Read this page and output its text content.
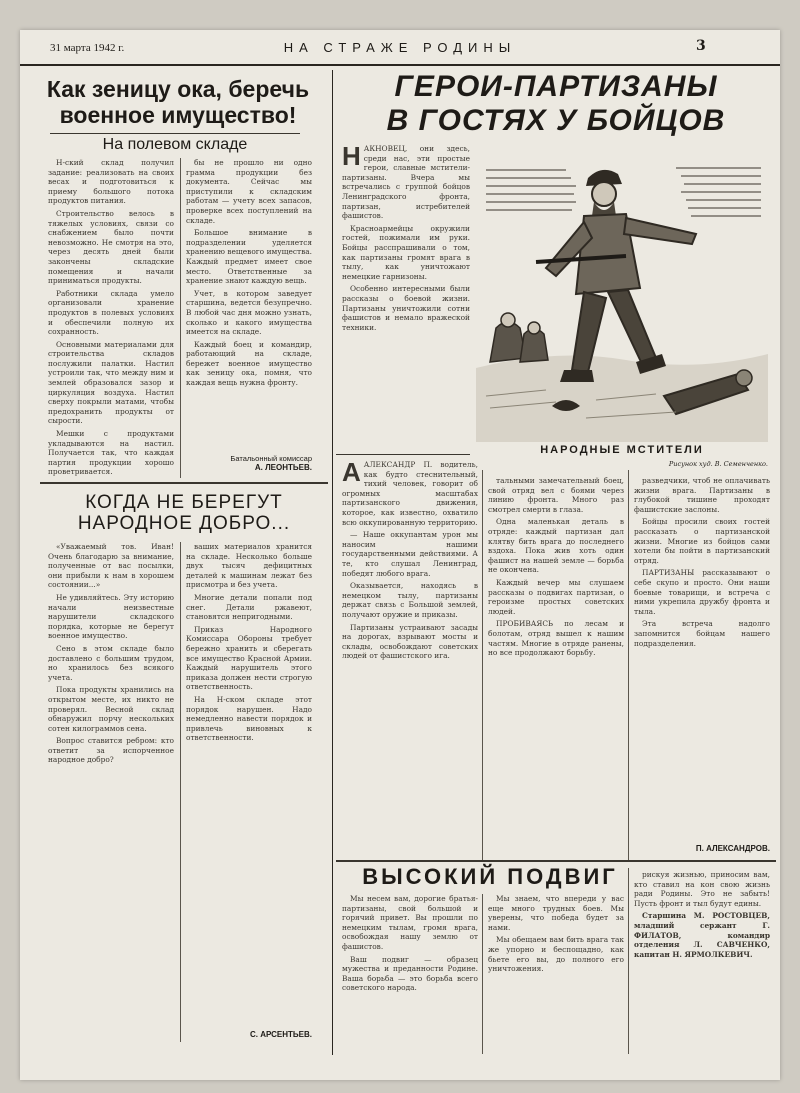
31 марта 1942 г.	НА СТРАЖЕ РОДИНЫ	3
Как зеницу ока, беречь
военное имущество!
На полевом складе

Н-ский склад получил задание: реализовать на своих весах и подготовиться к приему большого потока продуктов питания.

Строительство велось в тяжелых условиях, связи со снабжением было почти невозможно. Не смотря на это, через десять дней были закончены складские помещения и начали приниматься продукты.

Работники склада умело организовали хранение продуктов в полевых условиях и обеспечили полную их сохранность.

Основными материалами для строительства складов послужили палатки. Настил устроили так, что между ним и землей образовался зазор и циркуляция воздуха. Настил сверху покрыли матами, чтобы предохранить продукты от сырости.

Мешки с продуктами укладываются на настил. Получается так, что каждая партия продукции хорошо проветривается.

бы не прошло ни одно грамма продукции без документа. Сейчас мы приступили к складским работам — учету всех запасов, проверке всех поступлений на складе.

Большое внимание в подразделении уделяется хранению вещевого имущества. Каждый предмет имеет свое место. Ответственные за хранение знают каждую вещь.

Учет, в котором заведует старшина, ведется безупречно. В любой час дня можно узнать, сколько и какого имущества имеется на складе.

Каждый боец и командир, работающий на складе, бережет военное имущество как зеницу ока, помня, что каждая вещь нужна фронту.

Батальонный комиссар
А. ЛЕОНТЬЕВ.
КОГДА НЕ БЕРЕГУТ
НАРОДНОЕ ДОБРО...

«Уважаемый тов. Иван! Очень благодарю за внимание, полученные от вас посылки, они прибыли к нам в хорошем состоянии...»

Не удивляйтесь. Эту историю начали неизвестные нарушители складского порядка, которые не берегут военное имущество.

Сено в этом складе было доставлено с большим трудом, но хранилось без всякого учета.

Пока продукты хранились на открытом месте, их никто не проверял. Весной склад обнаружил порчу нескольких сотен килограммов сена.

Вопрос ставится ребром: кто ответит за испорченное народное добро?

ваших материалов хранится на складе. Несколько больше двух тысяч дефицитных деталей к машинам лежат без присмотра и без учета.

Многие детали попали под снег. Детали ржавеют, становятся непригодными.

Приказ Народного Комиссара Обороны требует бережно хранить и сберегать все имущество Красной Армии. Каждый нарушитель этого приказа должен нести строгую ответственность.

На Н-ском складе этот порядок нарушен. Надо немедленно навести порядок и привлечь виновных к ответственности.

С. АРСЕНТЬЕВ.
ГЕРОИ-ПАРТИЗАНЫ
В ГОСТЯХ У БОЙЦОВ

НАКНОВЕЦ, они здесь, среди нас, эти простые герои, славные мстители-партизаны. Вчера мы встречались с группой бойцов Ленинградского фронта, партизан, истребителей фашистов.

Красноармейцы окружили гостей, пожимали им руки. Бойцы расспрашивали о том, как партизаны громят врага в тылу, как уничтожают немецкие гарнизоны.

Особенно интересными были рассказы о боевой жизни. Партизаны уничтожили сотни фашистов и немало вражеской техники.

НАРОДНЫЕ МСТИТЕЛИ
Рисунок худ. В. Семенченко.

ААЛЕКСАНДР П. водитель, как будто стеснительный, тихий человек, говорит об огромных масштабах партизанского движения, которое, как известно, охватило всю оккупированную территорию.

— Наше оккупантам урон мы наносим нашими государственными действиями. А те, кто слушал Ленинград, победят любого врага.

Оказывается, находясь в немецком тылу, партизаны держат связь с Большой землей, получают оружие и приказы.

Партизаны устраивают засады на дорогах, взрывают мосты и склады, освобождают советских людей от фашистского ига.

тальными замечательный боец, свой отряд вел с боями через линию фронта. Много раз смотрел смерти в глаза.

Одна маленькая деталь в отряде: каждый партизан дал клятву бить врага до последнего вздоха. Пока жив хоть один фашист на нашей земле — борьба не окончена.

Каждый вечер мы слушаем рассказы о подвигах партизан, о героизме простых советских людей.

ПРОБИВАЯСЬ по лесам и болотам, отряд вышел к нашим частям. Многие в отряде ранены, но все продолжают борьбу.

разведчики, чтоб не оплачивать жизни врага. Партизаны в глубокой тишине проходят фашистские заслоны.

Бойцы просили своих гостей рассказать о партизанской жизни. Многие из бойцов сами хотели бы пойти в партизанский отряд.

ПАРТИЗАНЫ рассказывают о себе скупо и просто. Они наши боевые товарищи, и встреча с ними укрепила дружбу фронта и тыла.

Эта встреча надолго запомнится бойцам нашего подразделения.

П. АЛЕКСАНДРОВ.
ВЫСОКИЙ ПОДВИГ

Мы несем вам, дорогие братья-партизаны, свой большой и горячий привет. Вы прошли по немецким тылам, громя врага, освобождая нашу землю от фашистов.

Ваш подвиг — образец мужества и преданности Родине. Ваша борьба — это борьба всего советского народа.

Мы знаем, что впереди у вас еще много трудных боев. Мы уверены, что победа будет за нами.

Мы обещаем вам бить врага так же упорно и беспощадно, как бьете его вы, до полного его уничтожения.

рискуя жизнью, приносим вам, кто ставил на кон свою жизнь ради Родины. Это не забыть! Пусть фронт и тыл будут едины.

Старшина М. РОСТОВЦЕВ, младший сержант Г. ФИЛАТОВ, командир отделения Л. САВЧЕНКО, капитан Н. ЯРМОЛКЕВИЧ.
